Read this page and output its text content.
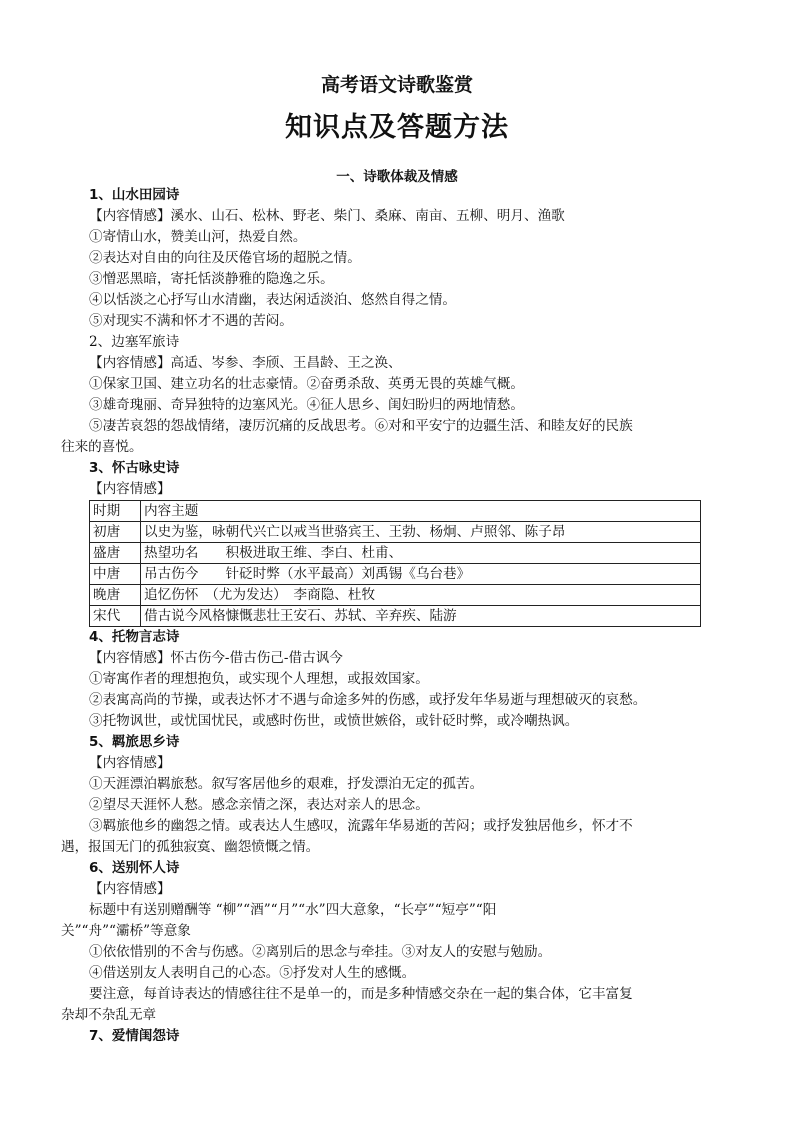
高考语文诗歌鉴赏
知识点及答题方法
一、诗歌体裁及情感
1、山水田园诗
【内容情感】溪水、山石、松林、野老、柴门、桑麻、南亩、五柳、明月、渔歌
①寄情山水，赞美山河，热爱自然。
②表达对自由的向往及厌倦官场的超脱之情。
③憎恶黑暗，寄托恬淡静雅的隐逸之乐。
④以恬淡之心抒写山水清幽，表达闲适淡泊、悠然自得之情。
⑤对现实不满和怀才不遇的苦闷。
2、边塞军旅诗
【内容情感】高适、岑参、李颀、王昌龄、王之涣、
①保家卫国、建立功名的壮志豪情。②奋勇杀敌、英勇无畏的英雄气概。
③雄奇瑰丽、奇异独特的边塞风光。④征人思乡、闺妇盼归的两地情愁。
⑤凄苦哀怨的怨战情绪，凄厉沉痛的反战思考。⑥对和平安宁的边疆生活、和睦友好的民族
往来的喜悦。
3、怀古咏史诗
【内容情感】
时期	内容主题
初唐	以史为鉴，咏朝代兴亡以戒当世骆宾王、王勃、杨炯、卢照邻、陈子昂
盛唐	热望功名　　积极进取王维、李白、杜甫、
中唐	吊古伤今　　针砭时弊（水平最高）刘禹锡《乌台巷》
晚唐	追忆伤怀　（尤为发达）　李商隐、杜牧
宋代	借古说今风格慷慨悲壮王安石、苏轼、辛弃疾、陆游
4、托物言志诗
【内容情感】怀古伤今-借古伤己-借古讽今
①寄寓作者的理想抱负，或实现个人理想，或报效国家。
②表寓高尚的节操，或表达怀才不遇与命途多舛的伤感，或抒发年华易逝与理想破灭的哀愁。
③托物讽世，或忧国忧民，或感时伤世，或愤世嫉俗，或针砭时弊，或冷嘲热讽。
5、羁旅思乡诗
【内容情感】
①天涯漂泊羁旅愁。叙写客居他乡的艰难，抒发漂泊无定的孤苦。
②望尽天涯怀人愁。感念亲情之深，表达对亲人的思念。
③羁旅他乡的幽怨之情。或表达人生感叹，流露年华易逝的苦闷；或抒发独居他乡，怀才不
遇，报国无门的孤独寂寞、幽怨愤慨之情。
6、送别怀人诗
【内容情感】
标题中有送别赠酬等 “柳”“酒”“月”“水”四大意象，“长亭”“短亭”“阳
关”“舟”“灞桥”等意象
①依依惜别的不舍与伤感。②离别后的思念与牵挂。③对友人的安慰与勉励。
④借送别友人表明自己的心态。⑤抒发对人生的感慨。
要注意，每首诗表达的情感往往不是单一的，而是多种情感交杂在一起的集合体，它丰富复
杂却不杂乱无章
7、爱情闺怨诗
